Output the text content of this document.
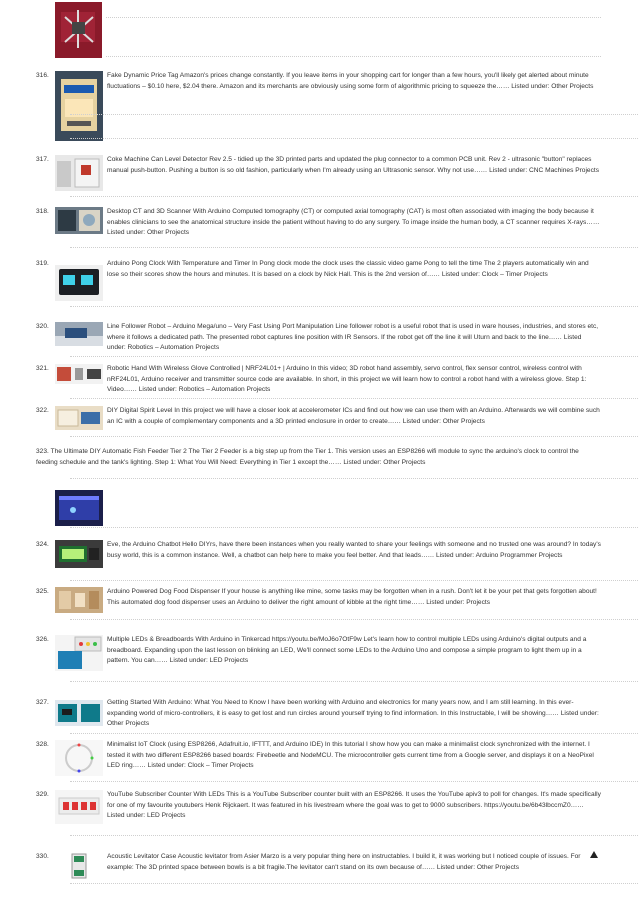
316.	Fake Dynamic Price Tag Amazon's prices change constantly. If you leave items in your shopping cart for longer than a few hours, you'll likely get alerted about minute fluctuations – $0.10 here, $2.04 there. Amazon and its merchants are obviously using some form of algorithmic pricing to squeeze the…… Listed under: Other Projects
317.	Coke Machine Can Level Detector Rev 2.5 - tidied up the 3D printed parts and updated the plug connector to a common PCB unit. Rev 2 - ultrasonic "button" replaces manual push-button. Pushing a button is so old fashion, particularly when I'm already using an Ultrasonic sensor. Why not use…… Listed under: CNC Machines Projects
318.	Desktop CT and 3D Scanner With Arduino Computed tomography (CT) or computed axial tomography (CAT) is most often associated with imaging the body because it enables clinicians to see the anatomical structure inside the patient without having to do any surgery. To image inside the human body, a CT scanner requires X-rays…… Listed under: Other Projects
319.	Arduino Pong Clock With Temperature and Timer In Pong clock mode the clock uses the classic video game Pong to tell the time The 2 players automatically win and lose so their scores show the hours and minutes. It is based on a clock by Nick Hall. This is the 2nd version of…… Listed under: Clock – Timer Projects
320.	Line Follower Robot – Arduino Mega/uno – Very Fast Using Port Manipulation Line follower robot is a useful robot that is used in ware houses, industries, and stores etc, where it follows a dedicated path. The presented robot captures line position with IR Sensors. If the robot get off the line it will Uturn and back to the line…… Listed under: Robotics – Automation Projects
321.	Robotic Hand With Wireless Glove Controlled | NRF24L01+ | Arduino In this video; 3D robot hand assembly, servo control, flex sensor control, wireless control with nRF24L01, Arduino receiver and transmitter source code are available. In short, in this project we will learn how to control a robot hand with a wireless glove. Step 1: Video…… Listed under: Robotics – Automation Projects
322.	DIY Digital Spirit Level In this project we will have a closer look at accelerometer ICs and find out how we can use them with an Arduino. Afterwards we will combine such an IC with a couple of complementary components and a 3D printed enclosure in order to create…… Listed under: Other Projects
323. The Ultimate DIY Automatic Fish Feeder Tier 2 The Tier 2 Feeder is a big step up from the Tier 1. This version uses an ESP8266 wifi module to sync the arduino's clock to control the feeding schedule and the tank's lighting. Step 1: What You Will Need: Everything in Tier 1 except the…… Listed under: Other Projects
324.	Eve, the Arduino Chatbot Hello DIYrs, have there been instances when you really wanted to share your feelings with someone and no trusted one was around? In today's busy world, this is a common instance. Well, a chatbot can help here to make you feel better. And that leads…… Listed under: Arduino Programmer Projects
325.	Arduino Powered Dog Food Dispenser If your house is anything like mine, some tasks may be forgotten when in a rush. Don't let it be your pet that gets forgotten about! This automated dog food dispenser uses an Arduino to deliver the right amount of kibble at the right time…… Listed under: Projects
326.	Multiple LEDs & Breadboards With Arduino in Tinkercad https://youtu.be/MoJ6o7OtF9w Let's learn how to control multiple LEDs using Arduino's digital outputs and a breadboard. Expanding upon the last lesson on blinking an LED, We'll connect some LEDs to the Arduino Uno and compose a simple program to light them up in a pattern. You can…… Listed under: LED Projects
327.	Getting Started With Arduino: What You Need to Know I have been working with Arduino and electronics for many years now, and I am still learning. In this ever-expanding world of micro-controllers, it is easy to get lost and run circles around yourself trying to find information. In this Instructable, I will be showing…… Listed under: Other Projects
328.	Minimalist IoT Clock (using ESP8266, Adafruit.io, IFTTT, and Arduino IDE) In this tutorial I show how you can make a minimalist clock synchronized with the internet. I tested it with two different ESP8266 based boards: Firebeetle and NodeMCU. The microcontroller gets current time from a Google server, and displays it on a NeoPixel LED ring…… Listed under: Clock – Timer Projects
329.	YouTube Subscriber Counter With LEDs This is a YouTube Subscriber counter built with an ESP8266. It uses the YouTube apiv3 to poll for changes. It's made specifically for one of my favourite youtubers Henk Rijckaert. It was featured in his livestream where the goal was to get to 9000 subscribers. https://youtu.be/6b43lbccmZ0…… Listed under: LED Projects
330.	Acoustic Levitator Case Acoustic levitator from Asier Marzo is a very popular thing here on instructables. I build it, it was working but I noticed couple of issues. For example: The 3D printed space between bowls is a bit fragile.The levitator can't stand on its own because of…… Listed under: Other Projects
